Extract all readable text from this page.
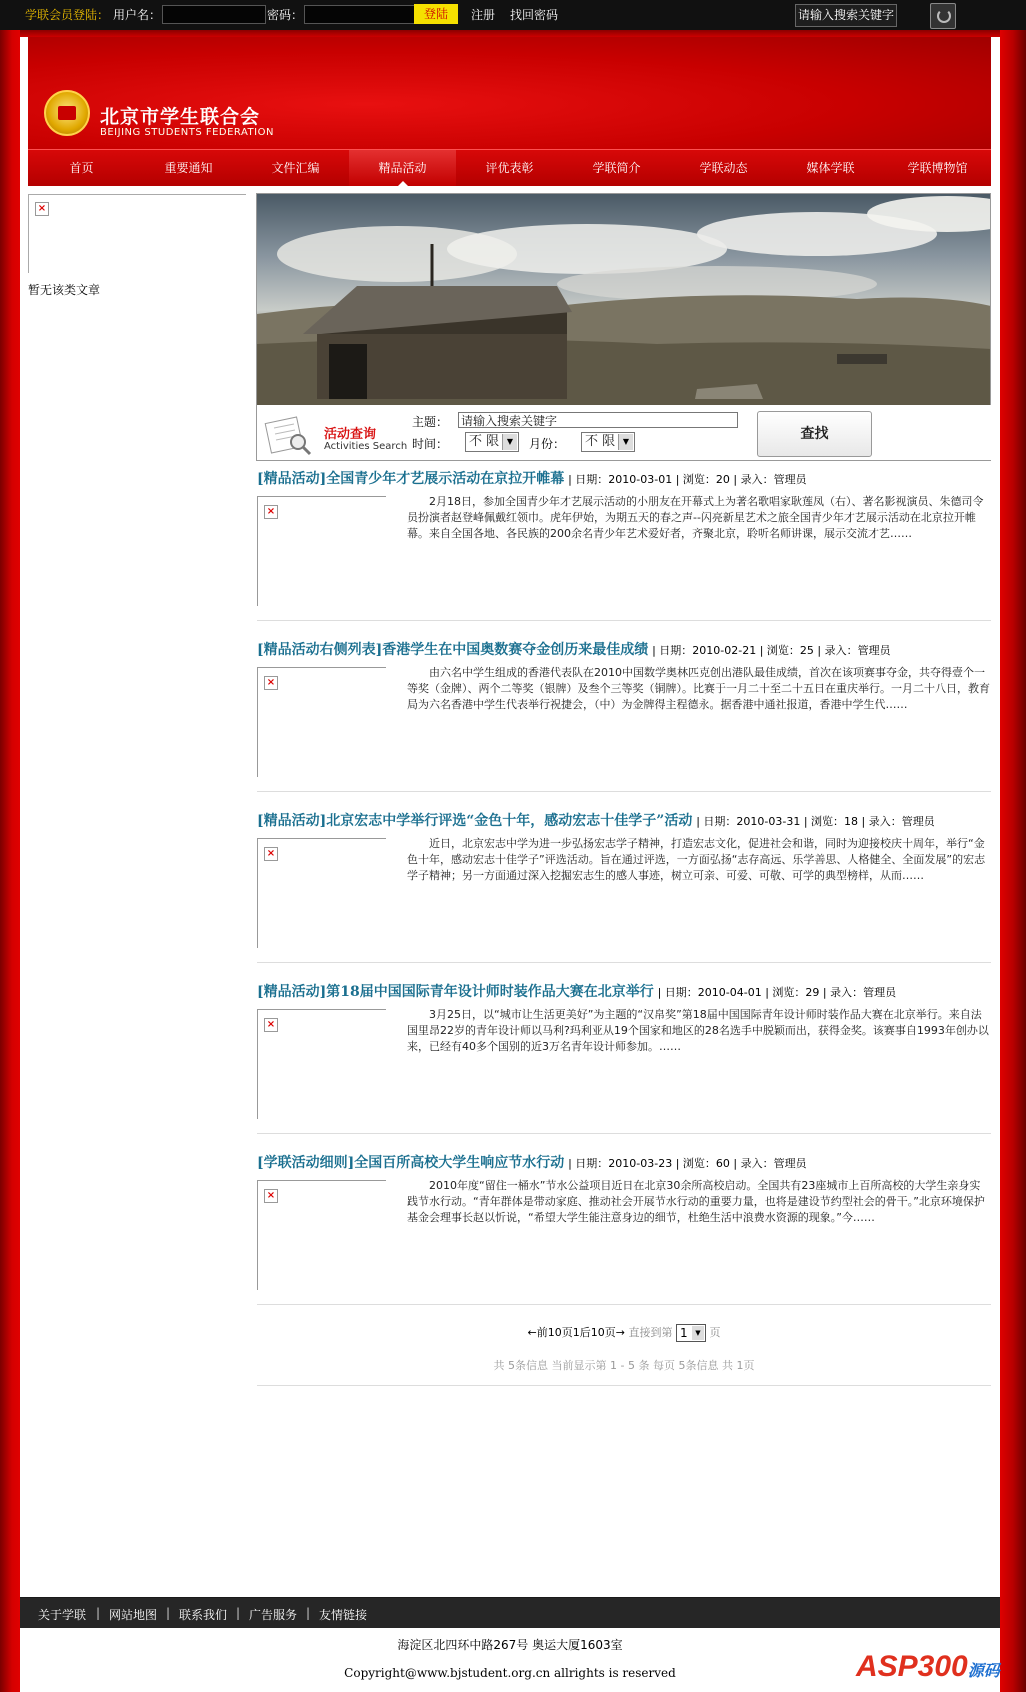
学联会员登陆： 用户名：	密码：	登陆	注册 找回密码	请输入搜索关键字
北京市学生联合会
BEIJING STUDENTS FEDERATION
首页	重要通知	文件汇编	精品活动	评优表彰	学联简介	学联动态	媒体学联	学联博物馆
×
暂无该类文章
活动查询
Activities Search
主题： 请输入搜索关键字
时间：	不 限 ▼	月份：	不 限 ▼	查找
[精品活动]全国青少年才艺展示活动在京拉开帷幕 | 日期：2010-03-01 | 浏览：20 | 录入：管理员
×
2月18日，参加全国青少年才艺展示活动的小朋友在开幕式上为著名歌唱家耿莲凤（右）、著名影视演员、朱德司令员扮演者赵登峰佩戴红领巾。虎年伊始，为期五天的春之声--闪亮新星艺术之旅全国青少年才艺展示活动在北京拉开帷幕。来自全国各地、各民族的200余名青少年艺术爱好者，齐聚北京，聆听名师讲课，展示交流才艺……
[精品活动右侧列表]香港学生在中国奥数赛夺金创历来最佳成绩 | 日期：2010-02-21 | 浏览：25 | 录入：管理员
×
由六名中学生组成的香港代表队在2010中国数学奥林匹克创出港队最佳成绩，首次在该项赛事夺金，共夺得壹个一等奖（金牌）、两个二等奖（银牌）及叁个三等奖（铜牌）。比赛于一月二十至二十五日在重庆举行。一月二十八日，教育局为六名香港中学生代表举行祝捷会，（中）为金牌得主程德永。据香港中通社报道，香港中学生代……
[精品活动]北京宏志中学举行评选“金色十年，感动宏志十佳学子”活动 | 日期：2010-03-31 | 浏览：18 | 录入：管理员
×
近日，北京宏志中学为进一步弘扬宏志学子精神，打造宏志文化，促进社会和谐，同时为迎接校庆十周年，举行“金色十年，感动宏志十佳学子”评选活动。旨在通过评选，一方面弘扬“志存高远、乐学善思、人格健全、全面发展”的宏志学子精神；另一方面通过深入挖掘宏志生的感人事迹，树立可亲、可爱、可敬、可学的典型榜样，从而……
[精品活动]第18届中国国际青年设计师时装作品大赛在北京举行 | 日期：2010-04-01 | 浏览：29 | 录入：管理员
×
3月25日，以“城市让生活更美好”为主题的“汉帛奖”第18届中国国际青年设计师时装作品大赛在北京举行。来自法国里昂22岁的青年设计师以马利?玛利亚从19个国家和地区的28名选手中脱颖而出，获得金奖。该赛事自1993年创办以来，已经有40多个国别的近3万名青年设计师参加。……
[学联活动细则]全国百所高校大学生响应节水行动 | 日期：2010-03-23 | 浏览：60 | 录入：管理员
×
2010年度“留住一桶水”节水公益项目近日在北京30余所高校启动。全国共有23座城市上百所高校的大学生亲身实践节水行动。“青年群体是带动家庭、推动社会开展节水行动的重要力量，也将是建设节约型社会的骨干。”北京环境保护基金会理事长赵以忻说，“希望大学生能注意身边的细节，杜绝生活中浪费水资源的现象。”今……
←前10页1后10页→ 直接到第 1 ▼ 页
共 5条信息 当前显示第 1 - 5 条 每页 5条信息 共 1页
关于学联 | 网站地图 | 联系我们 | 广告服务 | 友情链接
海淀区北四环中路267号 奥运大厦1603室
Copyright@www.bjstudent.org.cn allrights is reserved	ASP300源码
